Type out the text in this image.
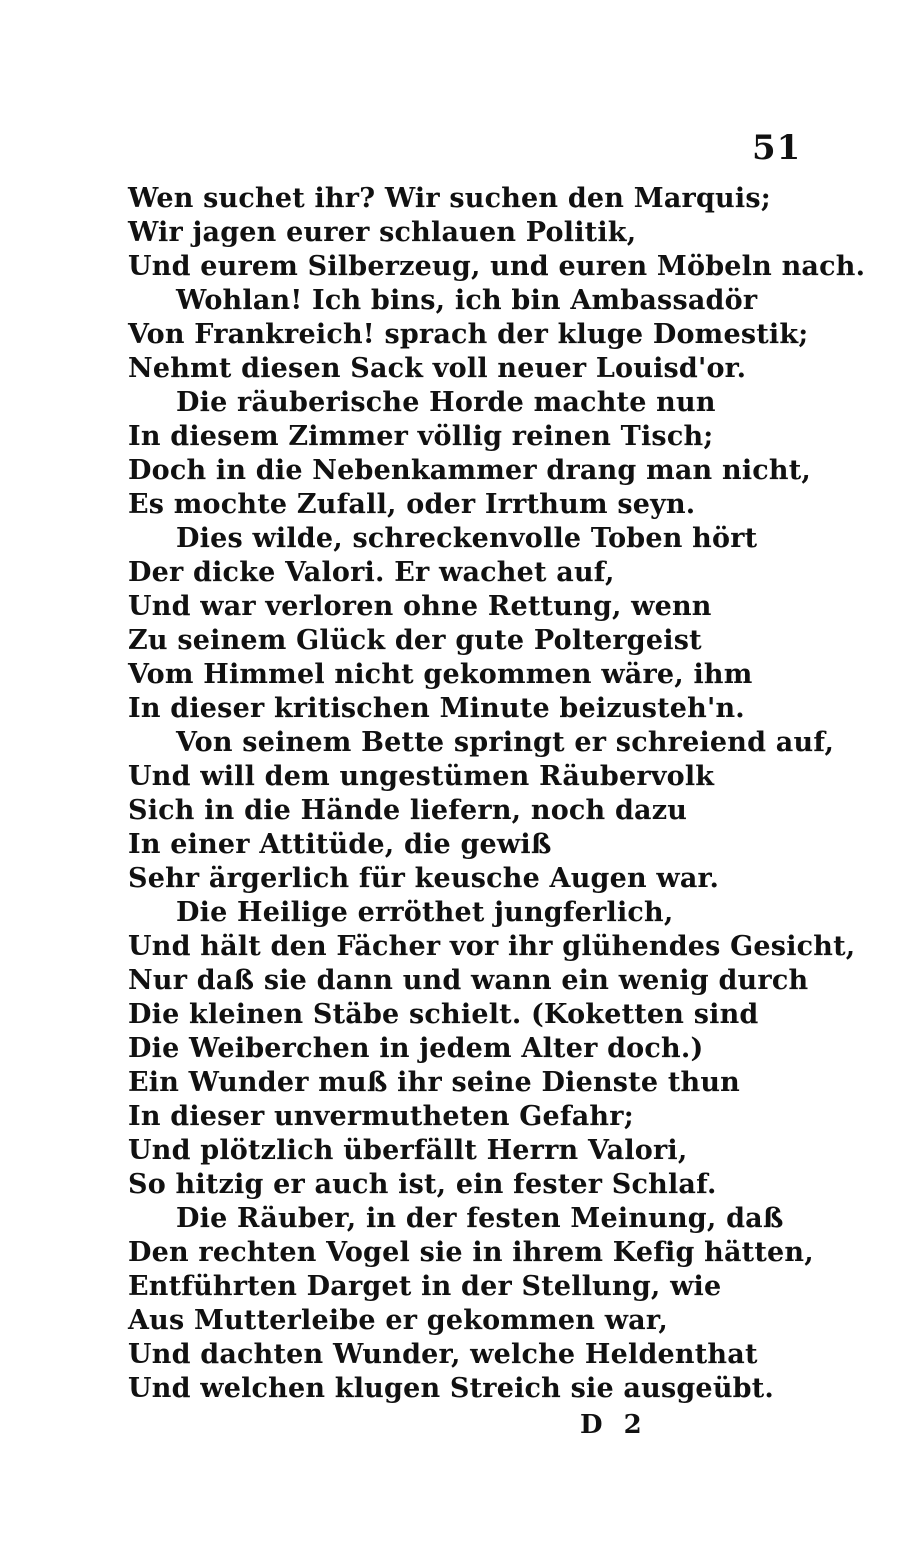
51
Wen suchet ihr? Wir suchen den Marquis;
Wir jagen eurer schlauen Politik,
Und eurem Silberzeug, und euren Möbeln nach.
Wohlan! Ich bins, ich bin Ambassadör
Von Frankreich! sprach der kluge Domestik;
Nehmt diesen Sack voll neuer Louisd'or.
Die räuberische Horde machte nun
In diesem Zimmer völlig reinen Tisch;
Doch in die Nebenkammer drang man nicht,
Es mochte Zufall, oder Irrthum seyn.
Dies wilde, schreckenvolle Toben hört
Der dicke Valori. Er wachet auf,
Und war verloren ohne Rettung, wenn
Zu seinem Glück der gute Poltergeist
Vom Himmel nicht gekommen wäre, ihm
In dieser kritischen Minute beizusteh'n.
Von seinem Bette springt er schreiend auf,
Und will dem ungestümen Räubervolk
Sich in die Hände liefern, noch dazu
In einer Attitüde, die gewiß
Sehr ärgerlich für keusche Augen war.
Die Heilige erröthet jungferlich,
Und hält den Fächer vor ihr glühendes Gesicht,
Nur daß sie dann und wann ein wenig durch
Die kleinen Stäbe schielt. (Koketten sind
Die Weiberchen in jedem Alter doch.)
Ein Wunder muß ihr seine Dienste thun
In dieser unvermutheten Gefahr;
Und plötzlich überfällt Herrn Valori,
So hitzig er auch ist, ein fester Schlaf.
Die Räuber, in der festen Meinung, daß
Den rechten Vogel sie in ihrem Kefig hätten,
Entführten Darget in der Stellung, wie
Aus Mutterleibe er gekommen war,
Und dachten Wunder, welche Heldenthat
Und welchen klugen Streich sie ausgeübt.
D 2
